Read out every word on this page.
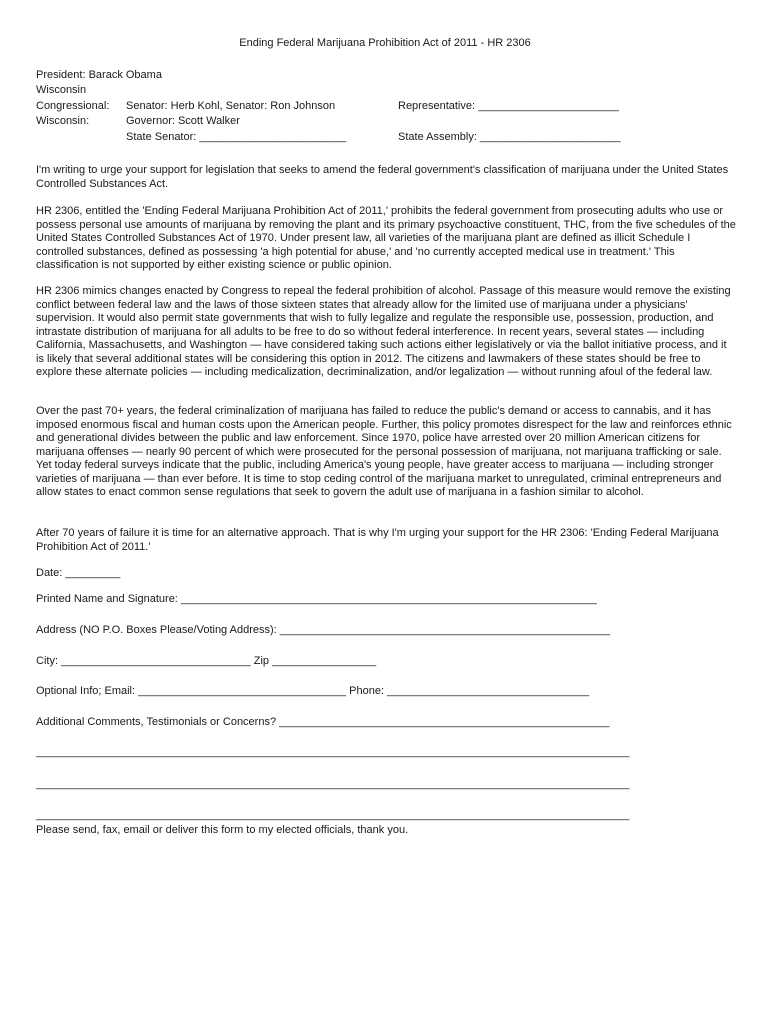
Ending Federal Marijuana Prohibition Act of 2011 - HR 2306
President: Barack Obama
Wisconsin
Congressional:
Wisconsin:
Senator: Herb Kohl, Senator: Ron Johnson
Governor: Scott Walker
State Senator: ________________________
Representative: _______________________
State Assembly: _______________________

I'm writing to urge your support for legislation that seeks to amend the federal government's classification of marijuana under the United States Controlled Substances Act.

HR 2306, entitled the 'Ending Federal Marijuana Prohibition Act of 2011,' prohibits the federal government from prosecuting adults who use or possess personal use amounts of marijuana by removing the plant and its primary psychoactive constituent, THC, from the five schedules of the United States Controlled Substances Act of 1970. Under present law, all varieties of the marijuana plant are defined as illicit Schedule I controlled substances, defined as possessing 'a high potential for abuse,' and 'no currently accepted medical use in treatment.' This classification is not supported by either existing science or public opinion.

HR 2306 mimics changes enacted by Congress to repeal the federal prohibition of alcohol. Passage of this measure would remove the existing conflict between federal law and the laws of those sixteen states that already allow for the limited use of marijuana under a physicians' supervision. It would also permit state governments that wish to fully legalize and regulate the responsible use, possession, production, and intrastate distribution of marijuana for all adults to be free to do so without federal interference. In recent years, several states — including California, Massachusetts, and Washington — have considered taking such actions either legislatively or via the ballot initiative process, and it is likely that several additional states will be considering this option in 2012. The citizens and lawmakers of these states should be free to explore these alternate policies — including medicalization, decriminalization, and/or legalization — without running afoul of the federal law.

Over the past 70+ years, the federal criminalization of marijuana has failed to reduce the public's demand or access to cannabis, and it has imposed enormous fiscal and human costs upon the American people. Further, this policy promotes disrespect for the law and reinforces ethnic and generational divides between the public and law enforcement. Since 1970, police have arrested over 20 million American citizens for marijuana offenses — nearly 90 percent of which were prosecuted for the personal possession of marijuana, not marijuana trafficking or sale. Yet today federal surveys indicate that the public, including America's young people, have greater access to marijuana — including stronger varieties of marijuana — than ever before. It is time to stop ceding control of the marijuana market to unregulated, criminal entrepreneurs and allow states to enact common sense regulations that seek to govern the adult use of marijuana in a fashion similar to alcohol.

After 70 years of failure it is time for an alternative approach. That is why I'm urging your support for the HR 2306: 'Ending Federal Marijuana Prohibition Act of 2011.'

Date: _________
Printed Name and Signature: ____________________________________________________________________
Address (NO P.O. Boxes Please/Voting Address): ______________________________________________________
City: _______________________________ Zip _________________
Optional Info; Email: __________________________________ Phone: _________________________________
Additional Comments, Testimonials or Concerns? ______________________________________________________
_________________________________________________________________________________________________
_________________________________________________________________________________________________
_________________________________________________________________________________________________
Please send, fax, email or deliver this form to my elected officials, thank you.
